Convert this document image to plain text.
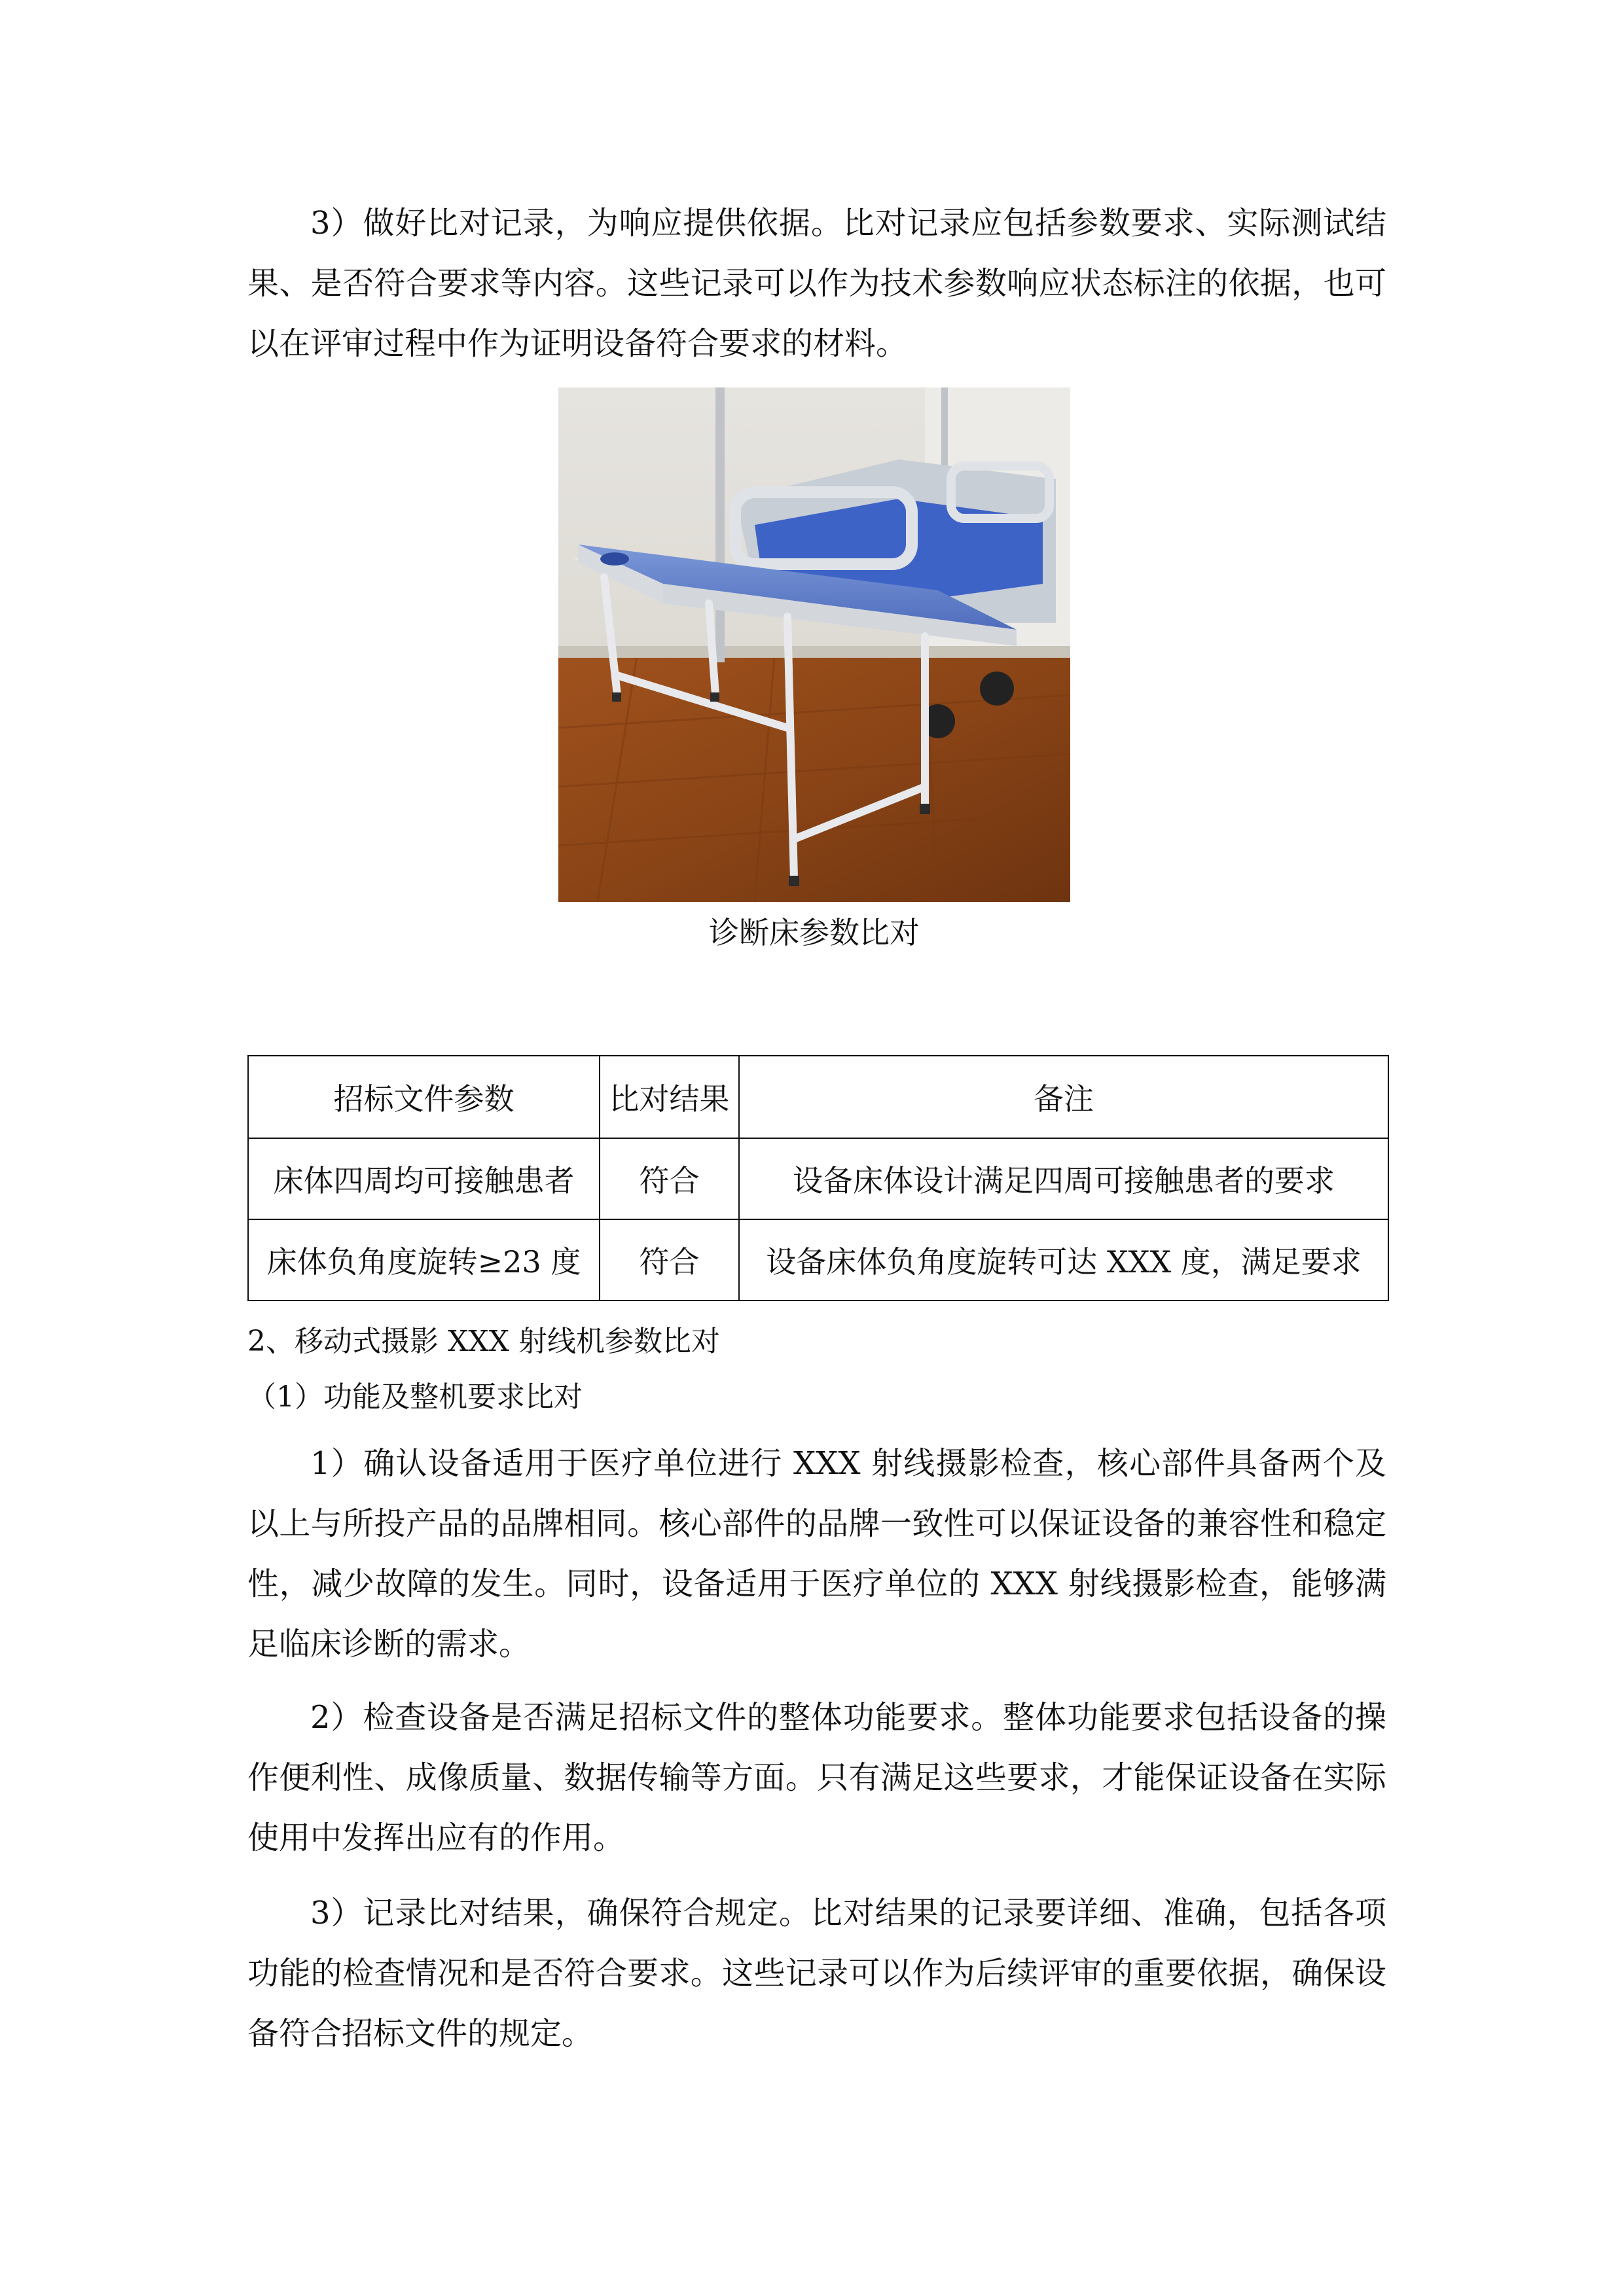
3）做好比对记录，为响应提供依据。比对记录应包括参数要求、实际测试结果、是否符合要求等内容。这些记录可以作为技术参数响应状态标注的依据，也可以在评审过程中作为证明设备符合要求的材料。

诊断床参数比对

招标文件参数	比对结果	备注
床体四周均可接触患者	符合	设备床体设计满足四周可接触患者的要求
床体负角度旋转≥23 度	符合	设备床体负角度旋转可达 XXX 度，满足要求

2、移动式摄影 XXX 射线机参数比对

（1）功能及整机要求比对

1）确认设备适用于医疗单位进行 XXX 射线摄影检查，核心部件具备两个及以上与所投产品的品牌相同。核心部件的品牌一致性可以保证设备的兼容性和稳定性，减少故障的发生。同时，设备适用于医疗单位的 XXX 射线摄影检查，能够满足临床诊断的需求。

2）检查设备是否满足招标文件的整体功能要求。整体功能要求包括设备的操作便利性、成像质量、数据传输等方面。只有满足这些要求，才能保证设备在实际使用中发挥出应有的作用。

3）记录比对结果，确保符合规定。比对结果的记录要详细、准确，包括各项功能的检查情况和是否符合要求。这些记录可以作为后续评审的重要依据，确保设备符合招标文件的规定。
